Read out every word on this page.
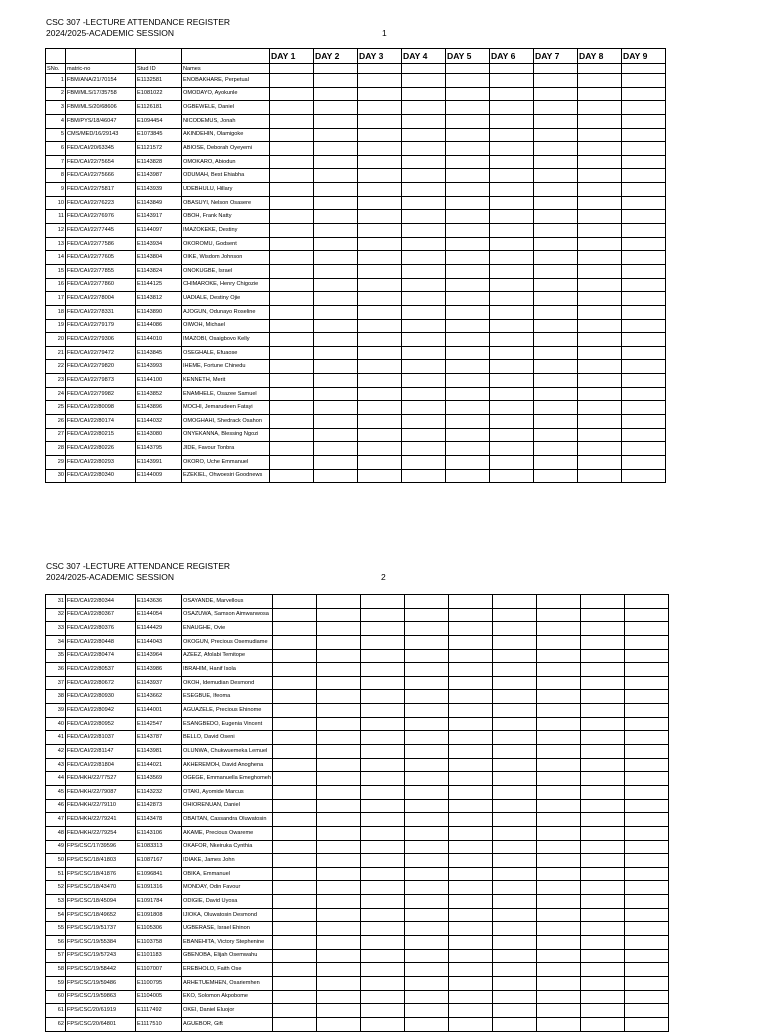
CSC 307 -LECTURE ATTENDANCE REGISTER
2024/2025-ACADEMIC SESSION	1
				DAY 1	DAY 2	DAY 3	DAY 4	DAY 5	DAY 6	DAY 7	DAY 8	DAY 9
SNo.	matric-no	Stud ID	Names									
1	FBM/ANA/21/70154	E1132581	ENOBAKHARE, Perpetual									
2	FBM/MLS/17/35758	E1081022	OMODAYO, Ayokunle									
3	FBM/MLS/20/68606	E1126181	OGBEWELE, Daniel									
4	FBM/PYS/18/46047	E1094454	NICODEMUS, Jonah									
5	CMS/MED/16/29143	E1073845	AKINDEHIN, Olamigoke									
6	FED/CAI/20/63345	E1121572	ABIOSE, Deborah Oyeyemi									
7	FED/CAI/22/75654	E1143828	OMOKARO, Abiodun									
8	FED/CAI/22/75666	E1143987	ODUMAH, Best Ehiabha									
9	FED/CAI/22/75817	E1143939	UDEBHULU, Hillary									
10	FED/CAI/22/76223	E1143849	OBASUYI, Nelson Osasere									
11	FED/CAI/22/76976	E1143917	OBOH, Frank Natty									
12	FED/CAI/22/77445	E1144097	IMAZOKEKE, Destiny									
13	FED/CAI/22/77586	E1143934	OKOROMU, Godsent									
14	FED/CAI/22/77605	E1143804	OIKE, Wisdom Johnson									
15	FED/CAI/22/77855	E1143824	ONOKUGBE, Israel									
16	FED/CAI/22/77860	E1144125	CHIMAROKE, Henry Chigozie									
17	FED/CAI/22/78004	E1143812	UADIALE, Destiny Ojie									
18	FED/CAI/22/78331	E1143890	AJOGUN, Odunayo Roseline									
19	FED/CAI/22/79179	E1144086	OIWOH, Michael									
20	FED/CAI/22/79306	E1144010	IMAZOBI, Osaigbovo Kelly									
21	FED/CAI/22/79472	E1143845	OSEGHALE, Efuaose									
22	FED/CAI/22/79820	E1143993	IHEME, Fortune Chinedu									
23	FED/CAI/22/79873	E1144100	KENNETH, Merit									
24	FED/CAI/22/79982	E1143852	ENAMHELE, Osazee Samuel									
25	FED/CAI/22/80098	E1143896	MOCHI, Jemarudeen Fatayi									
26	FED/CAI/22/80174	E1144032	OMOGHAHI, Shedrack Osahon									
27	FED/CAI/22/80215	E1143080	ONYEKANNA, Blessing Ngozi									
28	FED/CAI/22/80226	E1143795	JIDE, Favour Tonbra									
29	FED/CAI/22/80293	E1143991	OKORO, Uche Emmanuel									
30	FED/CAI/22/80340	E1144009	EZEKIEL, Ohwoesiri Goodnews									
CSC 307 -LECTURE ATTENDANCE REGISTER
2024/2025-ACADEMIC SESSION	2
31	FED/CAI/22/80344	E1143636	OSAYANDE, Marvellous									
32	FED/CAI/22/80367	E1144054	OSAZUWA, Samson Aimwanwosa									
33	FED/CAI/22/80376	E1144429	ENAUGHE, Ovie									
34	FED/CAI/22/80448	E1144043	OKOGUN, Precious Osemudiame									
35	FED/CAI/22/80474	E1143964	AZEEZ, Afolabi Temitope									
36	FED/CAI/22/80537	E1143986	IBRAHIM, Hanif Isola									
37	FED/CAI/22/80672	E1143937	OKOH, Idemudian Desmond									
38	FED/CAI/22/80930	E1143662	ESEGBUE, Ifeoma									
39	FED/CAI/22/80942	E1144001	AGUAZELE, Precious Ehinome									
40	FED/CAI/22/80952	E1142547	ESANGBEDO, Eugenia Vincent									
41	FED/CAI/22/81037	E1143787	BELLO, David Oseni									
42	FED/CAI/22/81147	E1143981	OLUNWA, Chukwuemeka Lemuel									
43	FED/CAI/22/81804	E1144021	AKHEREMOH, David Anoghena									
44	FED/HKH/22/77527	E1143569	OGEGE, Emmanuella Emeghomeh									
45	FED/HKH/22/79087	E1143232	OTAKI, Ayomide Marcus									
46	FED/HKH/22/79110	E1142873	OHIORENUAN, Daniel									
47	FED/HKH/22/79241	E1143478	OBAITAN, Cassandra Oluwatosin									
48	FED/HKH/22/79254	E1143106	AKAME, Precious Owareme									
49	FPS/CSC/17/39596	E1083313	OKAFOR, Nkeiruka Cynthia									
50	FPS/CSC/18/41803	E1087167	IDIAKE, James John									
51	FPS/CSC/18/41876	E1096841	OBIKA, Emmanuel									
52	FPS/CSC/18/43470	E1091316	MONDAY, Odin Favour									
53	FPS/CSC/18/45094	E1091784	ODIGIE, David Uyosa									
54	FPS/CSC/18/49652	E1091808	IJIOKA, Oluwatosin Desmond									
55	FPS/CSC/19/51737	E1105306	UGBERASE, Israel Ehinon									
56	FPS/CSC/19/55384	E1103758	EBANEHITA, Victory Stephenine									
57	FPS/CSC/19/57243	E1101183	GBENOBA, Elijah Osemwahu									
58	FPS/CSC/19/58442	E1107007	EREBHOLO, Faith Ose									
59	FPS/CSC/19/59486	E1100795	ARHETUEMHEN, Osariemhen									
60	FPS/CSC/19/59863	E1104005	EKO, Solomon Akpobome									
61	FPS/CSC/20/61919	E1117492	OKEI, Daniel Eluojor									
62	FPS/CSC/20/64801	E1117510	AGUEBOR, Gift									
